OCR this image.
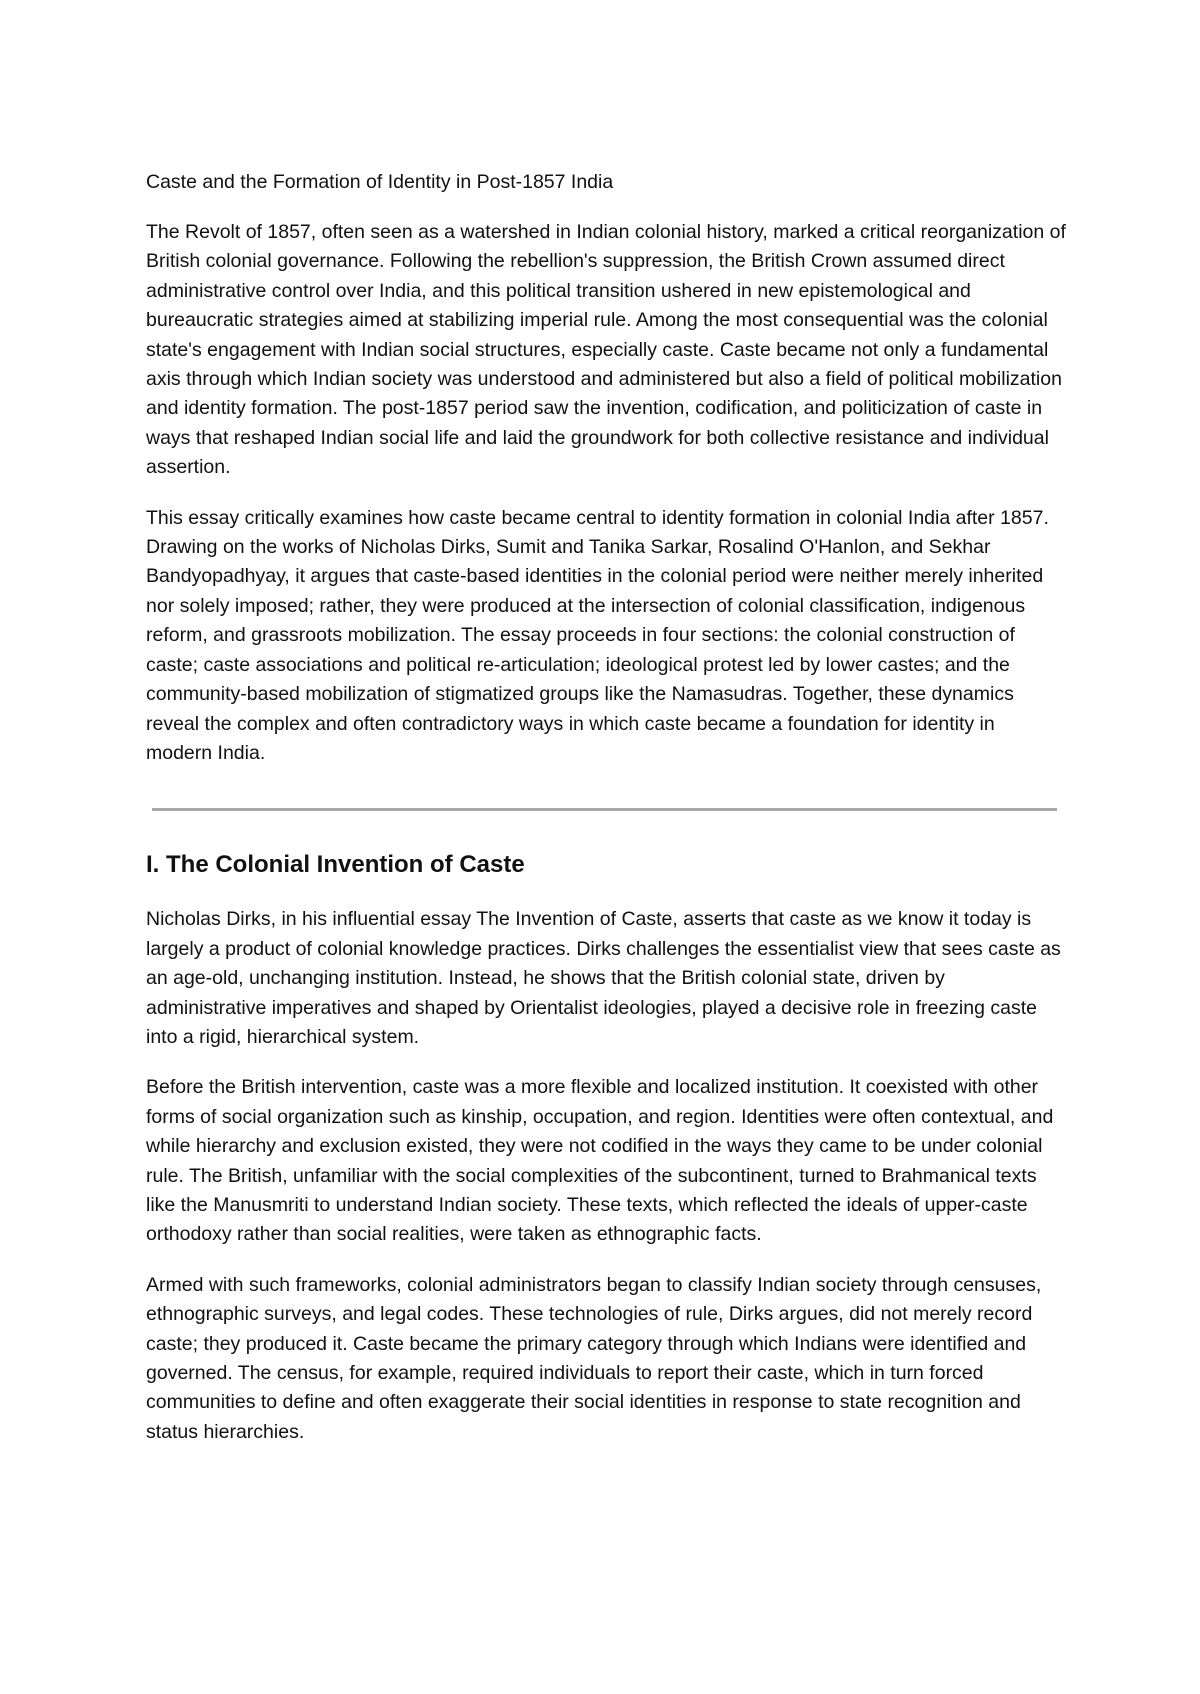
Caste and the Formation of Identity in Post-1857 India

The Revolt of 1857, often seen as a watershed in Indian colonial history, marked a critical reorganization of British colonial governance. Following the rebellion's suppression, the British Crown assumed direct administrative control over India, and this political transition ushered in new epistemological and bureaucratic strategies aimed at stabilizing imperial rule. Among the most consequential was the colonial state's engagement with Indian social structures, especially caste. Caste became not only a fundamental axis through which Indian society was understood and administered but also a field of political mobilization and identity formation. The post-1857 period saw the invention, codification, and politicization of caste in ways that reshaped Indian social life and laid the groundwork for both collective resistance and individual assertion.

This essay critically examines how caste became central to identity formation in colonial India after 1857. Drawing on the works of Nicholas Dirks, Sumit and Tanika Sarkar, Rosalind O'Hanlon, and Sekhar Bandyopadhyay, it argues that caste-based identities in the colonial period were neither merely inherited nor solely imposed; rather, they were produced at the intersection of colonial classification, indigenous reform, and grassroots mobilization. The essay proceeds in four sections: the colonial construction of caste; caste associations and political re-articulation; ideological protest led by lower castes; and the community-based mobilization of stigmatized groups like the Namasudras. Together, these dynamics reveal the complex and often contradictory ways in which caste became a foundation for identity in modern India.

I. The Colonial Invention of Caste

Nicholas Dirks, in his influential essay The Invention of Caste, asserts that caste as we know it today is largely a product of colonial knowledge practices. Dirks challenges the essentialist view that sees caste as an age-old, unchanging institution. Instead, he shows that the British colonial state, driven by administrative imperatives and shaped by Orientalist ideologies, played a decisive role in freezing caste into a rigid, hierarchical system.

Before the British intervention, caste was a more flexible and localized institution. It coexisted with other forms of social organization such as kinship, occupation, and region. Identities were often contextual, and while hierarchy and exclusion existed, they were not codified in the ways they came to be under colonial rule. The British, unfamiliar with the social complexities of the subcontinent, turned to Brahmanical texts like the Manusmriti to understand Indian society. These texts, which reflected the ideals of upper-caste orthodoxy rather than social realities, were taken as ethnographic facts.

Armed with such frameworks, colonial administrators began to classify Indian society through censuses, ethnographic surveys, and legal codes. These technologies of rule, Dirks argues, did not merely record caste; they produced it. Caste became the primary category through which Indians were identified and governed. The census, for example, required individuals to report their caste, which in turn forced communities to define and often exaggerate their social identities in response to state recognition and status hierarchies.
